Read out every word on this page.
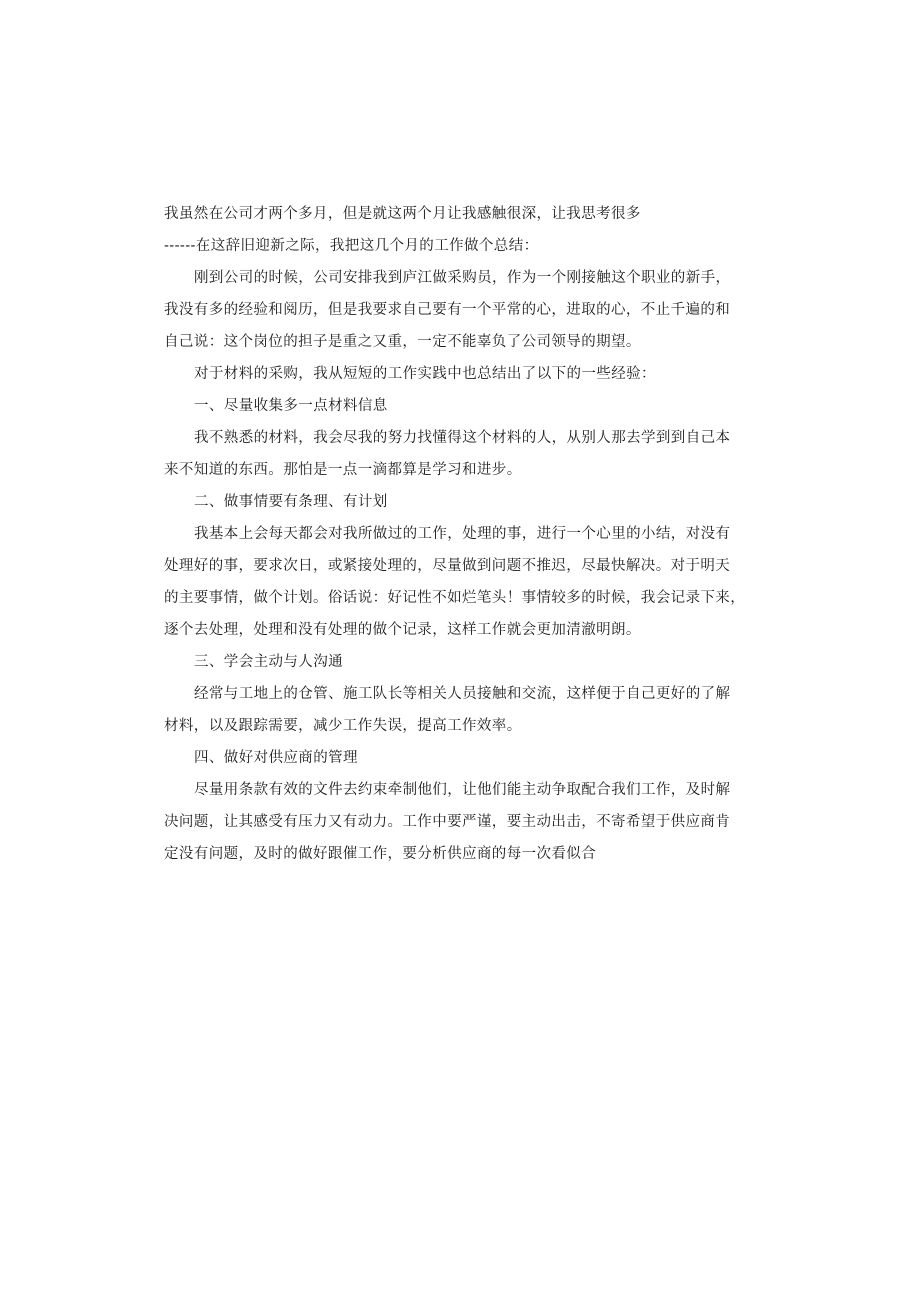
我虽然在公司才两个多月，但是就这两个月让我感触很深，让我思考很多
------在这辞旧迎新之际，我把这几个月的工作做个总结：
刚到公司的时候，公司安排我到庐江做采购员，作为一个刚接触这个职业的新手，
我没有多的经验和阅历，但是我要求自己要有一个平常的心，进取的心，不止千遍的和
自己说：这个岗位的担子是重之又重，一定不能辜负了公司领导的期望。
对于材料的采购，我从短短的工作实践中也总结出了以下的一些经验：
一、尽量收集多一点材料信息
我不熟悉的材料，我会尽我的努力找懂得这个材料的人，从别人那去学到到自己本
来不知道的东西。那怕是一点一滴都算是学习和进步。
二、做事情要有条理、有计划
我基本上会每天都会对我所做过的工作，处理的事，进行一个心里的小结，对没有
处理好的事，要求次日，或紧接处理的，尽量做到问题不推迟，尽最快解决。对于明天
的主要事情，做个计划。俗话说：好记性不如烂笔头！事情较多的时候，我会记录下来，
逐个去处理，处理和没有处理的做个记录，这样工作就会更加清澈明朗。
三、学会主动与人沟通
经常与工地上的仓管、施工队长等相关人员接触和交流，这样便于自己更好的了解
材料，以及跟踪需要，减少工作失误，提高工作效率。
四、做好对供应商的管理
尽量用条款有效的文件去约束牵制他们，让他们能主动争取配合我们工作，及时解
决问题，让其感受有压力又有动力。工作中要严谨，要主动出击，不寄希望于供应商肯
定没有问题，及时的做好跟催工作，要分析供应商的每一次看似合
